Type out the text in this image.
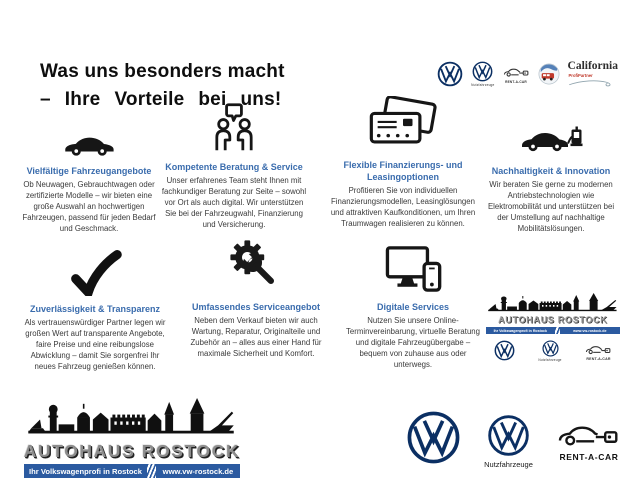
Was uns besonders macht
– Ihre Vorteile bei uns!
Nutzfahrzeuge
RENT-A-CAR
California
ProfiPartner
Vielfältige Fahrzeugangebote
Ob Neuwagen, Gebrauchtwagen oder zertifizierte Modelle – wir bieten eine große Auswahl an hochwertigen Fahrzeugen, passend für jeden Bedarf und Geschmack.
Kompetente Beratung & Service
Unser erfahrenes Team steht Ihnen mit fachkundiger Beratung zur Seite – sowohl vor Ort als auch digital. Wir unterstützen Sie bei der Fahrzeugwahl, Finanzierung und Versicherung.
Flexible Finanzierungs- und Leasingoptionen
Profitieren Sie von individuellen Finanzierungsmodellen, Leasinglösungen und attraktiven Kaufkonditionen, um Ihren Traumwagen realisieren zu können.
Nachhaltigkeit & Innovation
Wir beraten Sie gerne zu modernen Antriebstechnologien wie Elektromobilität und unterstützen bei der Umstellung auf nachhaltige Mobilitätslösungen.
Zuverlässigkeit & Transparenz
Als vertrauenswürdiger Partner legen wir großen Wert auf transparente Angebote, faire Preise und eine reibungslose Abwicklung – damit Sie sorgenfrei Ihr neues Fahrzeug genießen können.
Umfassendes Serviceangebot
Neben dem Verkauf bieten wir auch Wartung, Reparatur, Originalteile und Zubehör an – alles aus einer Hand für maximale Sicherheit und Komfort.
Digitale Services
Nutzen Sie unsere Online-Terminvereinbarung, virtuelle Beratung und digitale Fahrzeugübergabe – bequem von zuhause aus oder unterwegs.
AUTOHAUS ROSTOCK
Ihr Volkswagenprofi in Rostock	www.vw-rostock.de
Nutzfahrzeuge	RENT-A-CAR
AUTOHAUS ROSTOCK
Ihr Volkswagenprofi in Rostock	www.vw-rostock.de
Nutzfahrzeuge
RENT-A-CAR
